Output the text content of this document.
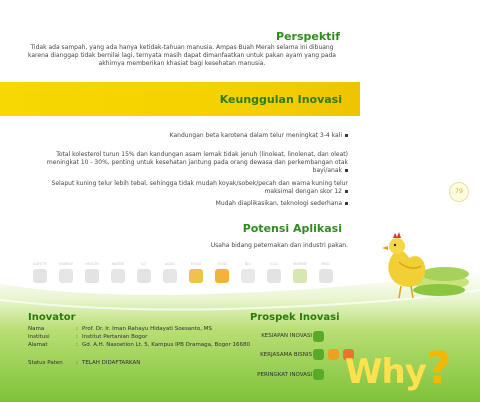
Perspektif
Tidak ada sampah, yang ada hanya ketidak-tahuan manusia. Ampas Buah Merah selama ini dibuang karena dianggap tidak bernilai lagi, ternyata masih dapat dimanfaatkan untuk pakan ayam yang pada akhirnya memberikan khasiat bagi kesehatan manusia.
Keunggulan Inovasi
Kandungan beta karotena dalam telur meningkat 3-4 kali
Total kolesterol turun 15% dan kandungan asam lemak tidak jenuh (linoleat, linolenat, dan oleat) meningkat 10 - 30%, penting untuk kesehatan jantung pada orang dewasa dan perkembangan otak bayi/anak
Selaput kuning telur lebih tebal, sehingga tidak mudah koyak/sobek/pecah dan warna kuning telur maksimal dengan skor 12
Mudah diaplikasikan, teknologi sederhana
79
Potensi Aplikasi
Usaha bidang peternakan dan industri pakan.
SAFETY	ENERGY	HEALTH	WATER	ICT	AGRO	FOOD	FEED	BIO	ECO	MARINE	MISC
Inovator
Nama	: Prof. Dr. Ir. Iman Rahayu Hidayati Soesanto, MS
Institusi	: Institut Pertanian Bogor
Alamat	: Gd. A.H. Nasoetion Lt. 5, Kampus IPB Dramaga, Bogor 16680
Status Paten : TELAH DIDAFTARKAN
Prospek Inovasi
KESIAPAN INOVASI
KERJASAMA BISNIS
PERINGKAT INOVASI Why?
